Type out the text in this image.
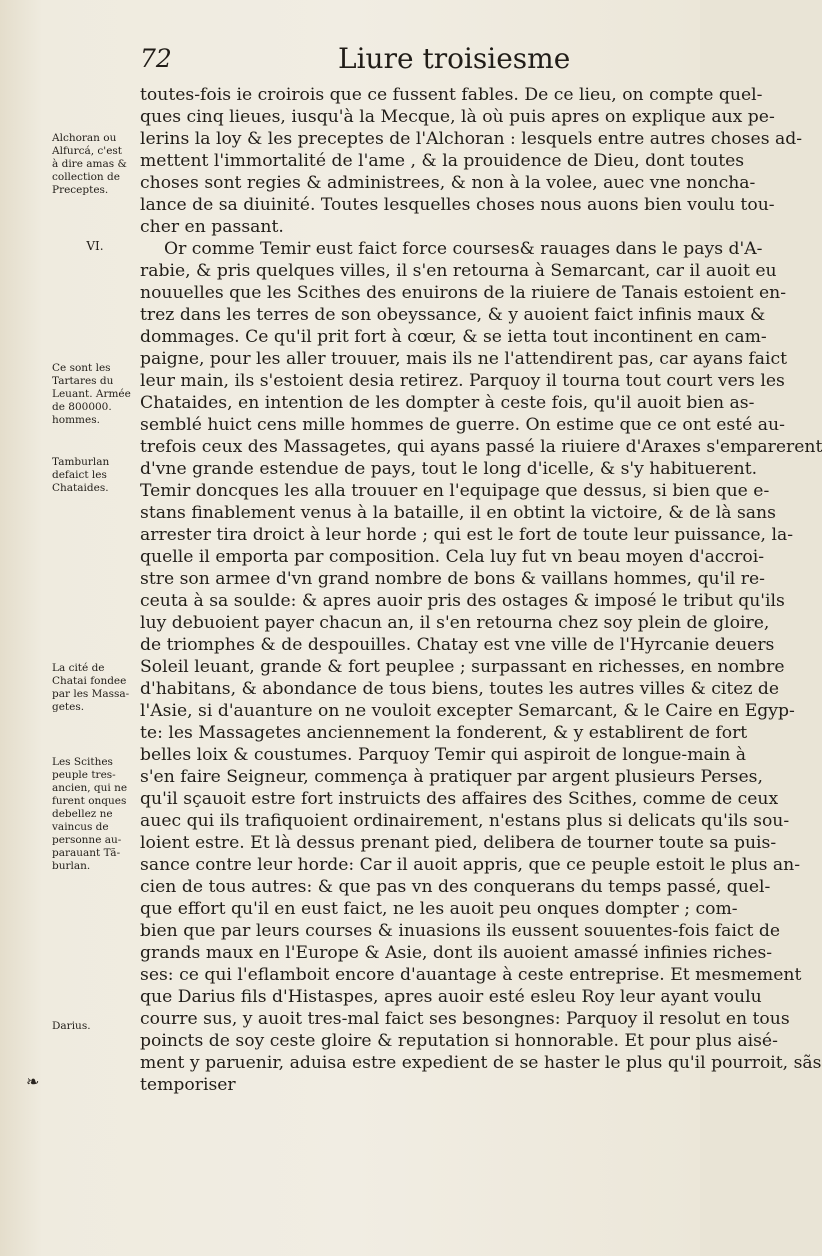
72	Liure troisiesme
toutes-fois ie croirois que ce fussent fables. De ce lieu, on compte quel-
ques cinq lieues, iusqu'à la Mecque, là où puis apres on explique aux pe-
lerins la loy & les preceptes de l'Alchoran : lesquels entre autres choses ad-
mettent l'immortalité de l'ame , & la prouidence de Dieu, dont toutes
choses sont regies & administrees, & non à la volee, auec vne noncha-
lance de sa diuinité. Toutes lesquelles choses nous auons bien voulu tou-
cher en passant.
Or comme Temir eust faict force courses& rauages dans le pays d'A-
rabie, & pris quelques villes, il s'en retourna à Semarcant, car il auoit eu
nouuelles que les Scithes des enuirons de la riuiere de Tanais estoient en-
trez dans les terres de son obeyssance, & y auoient faict infinis maux &
dommages. Ce qu'il prit fort à cœur, & se ietta tout incontinent en cam-
paigne, pour les aller trouuer, mais ils ne l'attendirent pas, car ayans faict
leur main, ils s'estoient desia retirez. Parquoy il tourna tout court vers les
Chataides, en intention de les dompter à ceste fois, qu'il auoit bien as-
semblé huict cens mille hommes de guerre. On estime que ce ont esté au-
trefois ceux des Massagetes, qui ayans passé la riuiere d'Araxes s'emparerent
d'vne grande estendue de pays, tout le long d'icelle, & s'y habituerent.
Temir doncques les alla trouuer en l'equipage que dessus, si bien que e-
stans finablement venus à la bataille, il en obtint la victoire, & de là sans
arrester tira droict à leur horde ; qui est le fort de toute leur puissance, la-
quelle il emporta par composition. Cela luy fut vn beau moyen d'accroi-
stre son armee d'vn grand nombre de bons & vaillans hommes, qu'il re-
ceuta à sa soulde: & apres auoir pris des ostages & imposé le tribut qu'ils
luy debuoient payer chacun an, il s'en retourna chez soy plein de gloire,
de triomphes & de despouilles. Chatay est vne ville de l'Hyrcanie deuers
Soleil leuant, grande & fort peuplee ; surpassant en richesses, en nombre
d'habitans, & abondance de tous biens, toutes les autres villes & citez de
l'Asie, si d'auanture on ne vouloit excepter Semarcant, & le Caire en Egyp-
te: les Massagetes anciennement la fonderent, & y establirent de fort
belles loix & coustumes. Parquoy Temir qui aspiroit de longue-main à
s'en faire Seigneur, commença à pratiquer par argent plusieurs Perses,
qu'il sçauoit estre fort instruicts des affaires des Scithes, comme de ceux
auec qui ils trafiquoient ordinairement, n'estans plus si delicats qu'ils sou-
loient estre. Et là dessus prenant pied, delibera de tourner toute sa puis-
sance contre leur horde: Car il auoit appris, que ce peuple estoit le plus an-
cien de tous autres: & que pas vn des conquerans du temps passé, quel-
que effort qu'il en eust faict, ne les auoit peu onques dompter ; com-
bien que par leurs courses & inuasions ils eussent souuentes-fois faict de
grands maux en l'Europe & Asie, dont ils auoient amassé infinies riches-
ses: ce qui l'eflamboit encore d'auantage à ceste entreprise. Et mesmement
que Darius fils d'Histaspes, apres auoir esté esleu Roy leur ayant voulu
courre sus, y auoit tres-mal faict ses besongnes: Parquoy il resolut en tous
poincts de soy ceste gloire & reputation si honnorable. Et pour plus aisé-
ment y paruenir, aduisa estre expedient de se haster le plus qu'il pourroit, sãs
temporiser
Alchoran ou
Alfurcá, c'est
à dire amas &
collection de
Preceptes.
VI.
Ce sont les
Tartares du
Leuant. Armée
de 800000.
hommes.
Tamburlan
defaict les
Chataides.
La cité de
Chatai fondee
par les Massa-
getes.
Les Scithes
peuple tres-
ancien, qui ne
furent onques
debellez ne
vaincus de
personne au-
parauant Tã-
burlan.
Darius.
❧
